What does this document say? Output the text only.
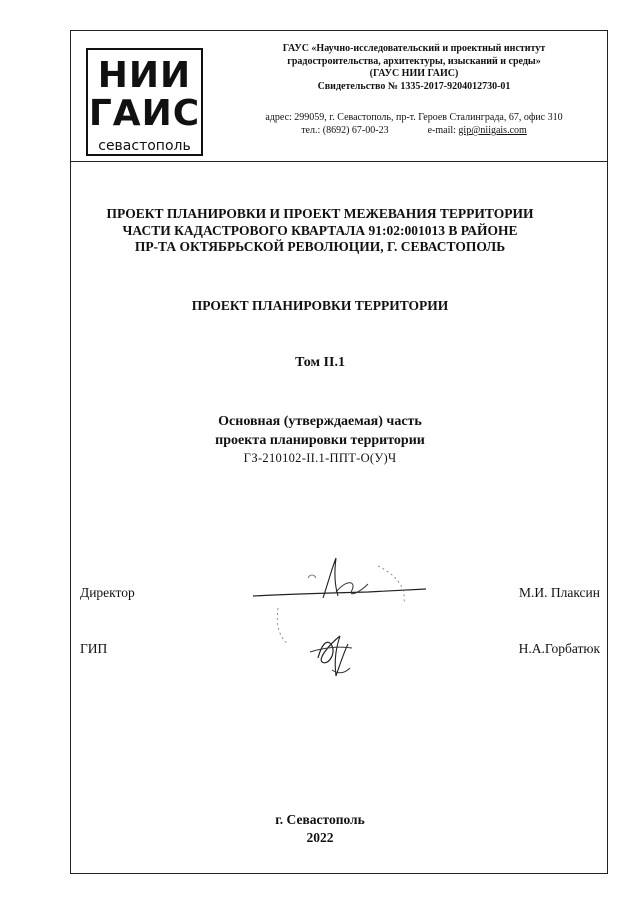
НИИ
ГАИС
севастополь
ГАУС «Научно-исследовательский и проектный институт
градостроительства, архитектуры, изысканий и среды»
(ГАУС НИИ ГАИС)
Свидетельство № 1335-2017-9204012730-01
адрес: 299059, г. Севастополь, пр-т. Героев Сталинграда, 67, офис 310
тел.: (8692) 67-00-23	e-mail: gip@niigais.com
ПРОЕКТ ПЛАНИРОВКИ И ПРОЕКТ МЕЖЕВАНИЯ ТЕРРИТОРИИ
ЧАСТИ КАДАСТРОВОГО КВАРТАЛА 91:02:001013 В РАЙОНЕ
ПР-ТА ОКТЯБРЬСКОЙ РЕВОЛЮЦИИ, Г. СЕВАСТОПОЛЬ
ПРОЕКТ ПЛАНИРОВКИ ТЕРРИТОРИИ
Том II.1
Основная (утверждаемая) часть
проекта планировки территории
ГЗ-210102-II.1-ППТ-О(У)Ч
Директор	М.И. Плаксин
ГИП	Н.А.Горбатюк
г. Севастополь
2022
